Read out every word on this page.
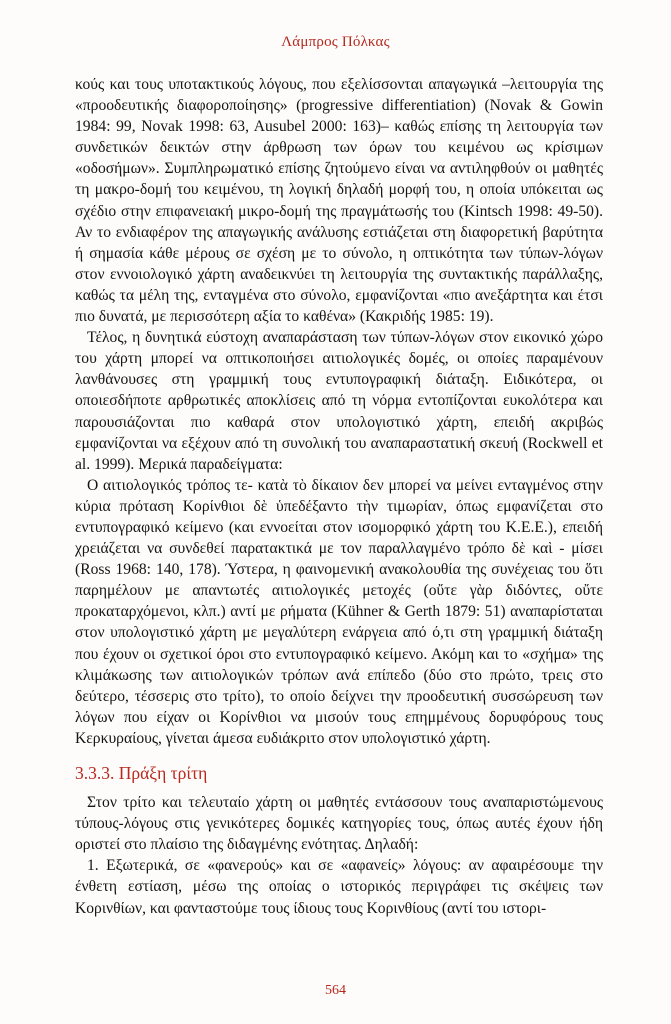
Λάμπρος Πόλκας

κούς και τους υποτακτικούς λόγους, που εξελίσσονται απαγωγικά –λειτουργία της «προοδευτικής διαφοροποίησης» (progressive differentiation) (Novak & Gowin 1984: 99, Novak 1998: 63, Ausubel 2000: 163)– καθώς επίσης τη λειτουργία των συνδετικών δεικτών στην άρθρωση των όρων του κειμένου ως κρίσιμων «οδοσήμων». Συμπληρωματικό επίσης ζητούμενο είναι να αντιληφθούν οι μαθητές τη μακρο-δομή του κειμένου, τη λογική δηλαδή μορφή του, η οποία υπόκειται ως σχέδιο στην επιφανειακή μικρο-δομή της πραγμάτωσής του (Kintsch 1998: 49-50). Αν το ενδιαφέρον της απαγωγικής ανάλυσης εστιάζεται στη διαφορετική βαρύτητα ή σημασία κάθε μέρους σε σχέση με το σύνολο, η οπτικότητα των τύπων-λόγων στον εννοιολογικό χάρτη αναδεικνύει τη λειτουργία της συντακτικής παράλλαξης, καθώς τα μέλη της, ενταγμένα στο σύνολο, εμφανίζονται «πιο ανεξάρτητα και έτσι πιο δυνατά, με περισσότερη αξία το καθένα» (Κακριδής 1985: 19).

Τέλος, η δυνητικά εύστοχη αναπαράσταση των τύπων-λόγων στον εικονικό χώρο του χάρτη μπορεί να οπτικοποιήσει αιτιολογικές δομές, οι οποίες παραμένουν λανθάνουσες στη γραμμική τους εντυπογραφική διάταξη. Ειδικότερα, οι οποιεσδήποτε αρθρωτικές αποκλίσεις από τη νόρμα εντοπίζονται ευκολότερα και παρουσιάζονται πιο καθαρά στον υπολογιστικό χάρτη, επειδή ακριβώς εμφανίζονται να εξέχουν από τη συνολική του αναπαραστατική σκευή (Rockwell et al. 1999). Μερικά παραδείγματα:

Ο αιτιολογικός τρόπος τε- κατὰ τὸ δίκαιον δεν μπορεί να μείνει ενταγμένος στην κύρια πρόταση Κορίνθιοι δὲ ὑπεδέξαντο τὴν τιμωρίαν, όπως εμφανίζεται στο εντυπογραφικό κείμενο (και εννοείται στον ισομορφικό χάρτη του Κ.Ε.Ε.), επειδή χρειάζεται να συνδεθεί παρατακτικά με τον παραλλαγμένο τρόπο δὲ καὶ - μίσει (Ross 1968: 140, 178). Ύστερα, η φαινομενική ανακολουθία της συνέχειας του ὅτι παρημέλουν με απαντωτές αιτιολογικές μετοχές (οὔτε γὰρ διδόντες, οὔτε προκαταρχόμενοι, κλπ.) αντί με ρήματα (Kühner & Gerth 1879: 51) αναπαρίσταται στον υπολογιστικό χάρτη με μεγαλύτερη ενάργεια από ό,τι στη γραμμική διάταξη που έχουν οι σχετικοί όροι στο εντυπογραφικό κείμενο. Ακόμη και το «σχήμα» της κλιμάκωσης των αιτιολογικών τρόπων ανά επίπεδο (δύο στο πρώτο, τρεις στο δεύτερο, τέσσερις στο τρίτο), το οποίο δείχνει την προοδευτική συσσώρευση των λόγων που είχαν οι Κορίνθιοι να μισούν τους επημμένους δορυφόρους τους Κερκυραίους, γίνεται άμεσα ευδιάκριτο στον υπολογιστικό χάρτη.

3.3.3. Πράξη τρίτη

Στον τρίτο και τελευταίο χάρτη οι μαθητές εντάσσουν τους αναπαριστώμενους τύπους-λόγους στις γενικότερες δομικές κατηγορίες τους, όπως αυτές έχουν ήδη οριστεί στο πλαίσιο της διδαγμένης ενότητας. Δηλαδή:

1. Εξωτερικά, σε «φανερούς» και σε «αφανείς» λόγους: αν αφαιρέσουμε την ένθετη εστίαση, μέσω της οποίας ο ιστορικός περιγράφει τις σκέψεις των Κορινθίων, και φανταστούμε τους ίδιους τους Κορινθίους (αντί του ιστορι-

564
